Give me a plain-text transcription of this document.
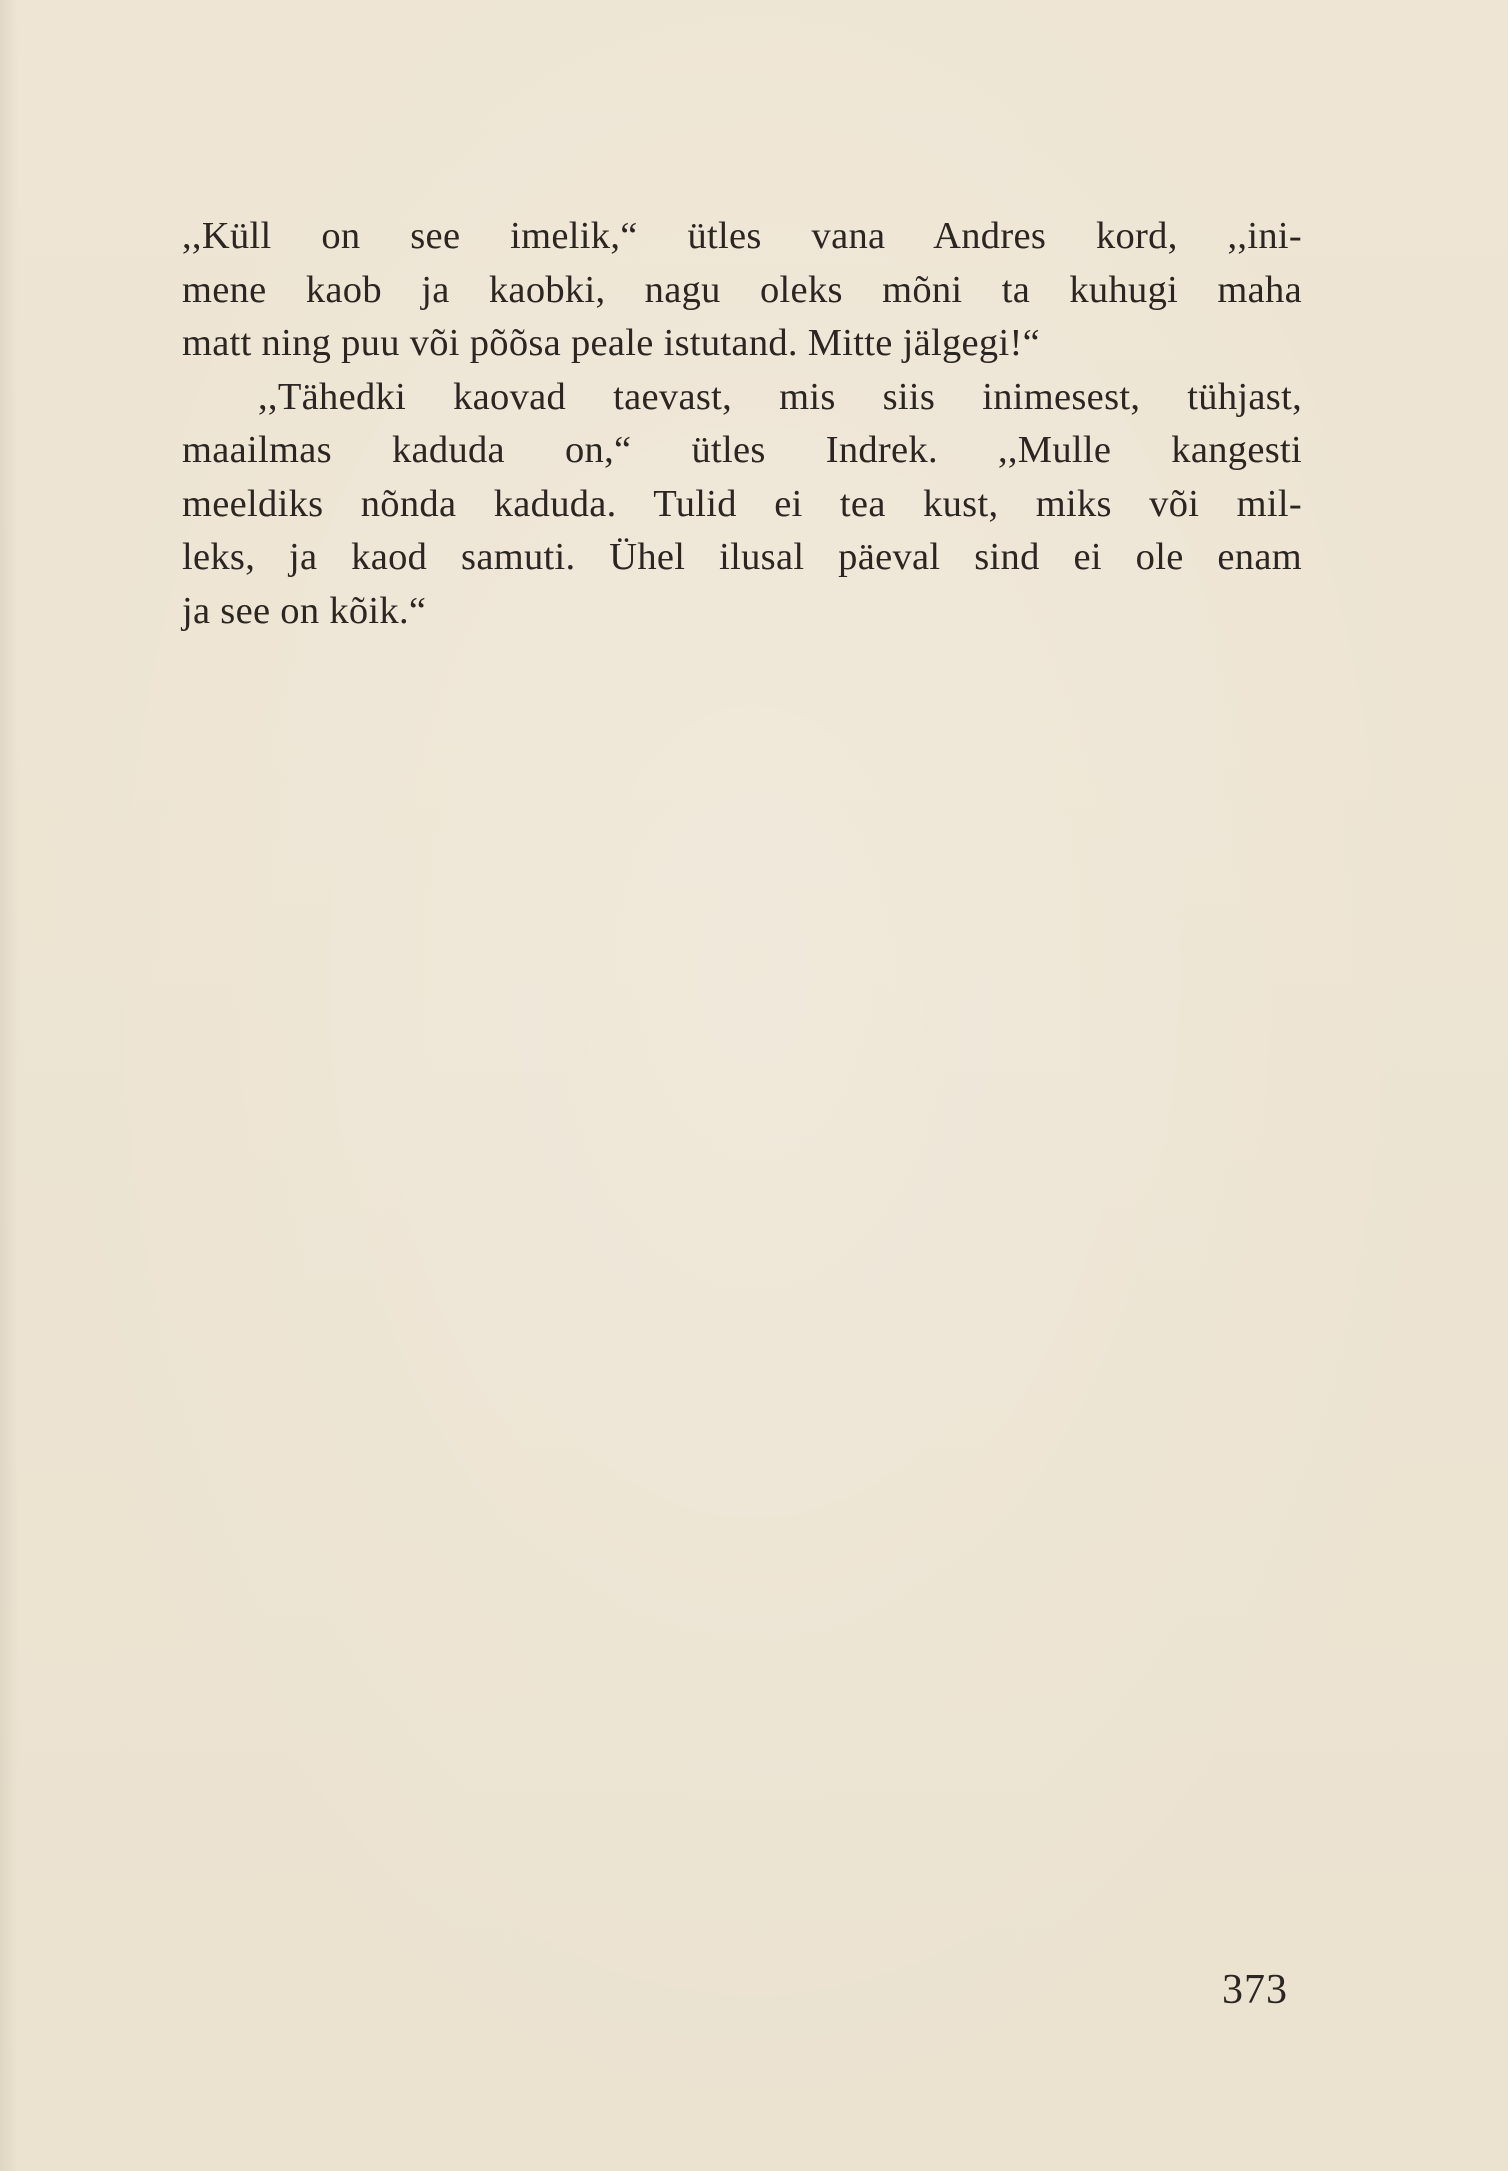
,,Küll on see imelik,“ ütles vana Andres kord, ,,ini-
mene kaob ja kaobki, nagu oleks mõni ta kuhugi maha
matt ning puu või põõsa peale istutand. Mitte jälgegi!“
,,Tähedki kaovad taevast, mis siis inimesest, tühjast,
maailmas kaduda on,“ ütles Indrek. ,,Mulle kangesti
meeldiks nõnda kaduda. Tulid ei tea kust, miks või mil-
leks, ja kaod samuti. Ühel ilusal päeval sind ei ole enam
ja see on kõik.“
373
